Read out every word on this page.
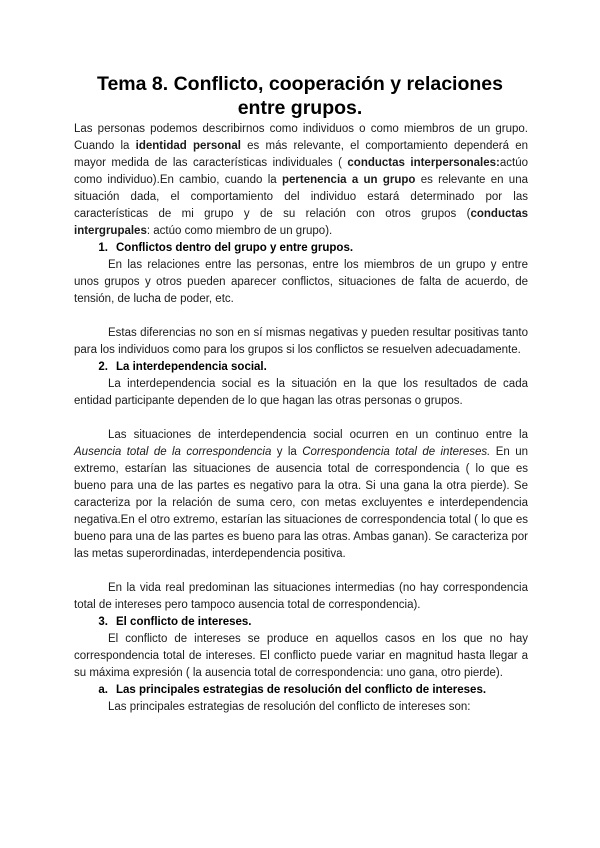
Tema 8. Conflicto, cooperación y relaciones entre grupos.

Las personas podemos describirnos como individuos o como miembros de un grupo. Cuando la identidad personal es más relevante, el comportamiento dependerá en mayor medida de las características individuales ( conductas interpersonales:actúo como individuo).En cambio, cuando la pertenencia a un grupo es relevante en una situación dada, el comportamiento del individuo estará determinado por las características de mi grupo y de su relación con otros grupos (conductas intergrupales: actúo como miembro de un grupo).

1. Conflictos dentro del grupo y entre grupos.

En las relaciones entre las personas, entre los miembros de un grupo y entre unos grupos y otros pueden aparecer conflictos, situaciones de falta de acuerdo, de tensión, de lucha de poder, etc.

Estas diferencias no son en sí mismas negativas y pueden resultar positivas tanto para los individuos como para los grupos si los conflictos se resuelven adecuadamente.

2. La interdependencia social.

La interdependencia social es la situación en la que los resultados de cada entidad participante dependen de lo que hagan las otras personas o grupos.

Las situaciones de interdependencia social ocurren en un continuo entre la Ausencia total de la correspondencia y la Correspondencia total de intereses. En un extremo, estarían las situaciones de ausencia total de correspondencia ( lo que es bueno para una de las partes es negativo para la otra. Si una gana la otra pierde). Se caracteriza por la relación de suma cero, con metas excluyentes e interdependencia negativa.En el otro extremo, estarían las situaciones de correspondencia total ( lo que es bueno para una de las partes es bueno para las otras. Ambas ganan). Se caracteriza por las metas superordinadas, interdependencia positiva.

En la vida real predominan las situaciones intermedias (no hay correspondencia total de intereses pero tampoco ausencia total de correspondencia).

3. El conflicto de intereses.

El conflicto de intereses se produce en aquellos casos en los que no hay correspondencia total de intereses. El conflicto puede variar en magnitud hasta llegar a su máxima expresión ( la ausencia total de correspondencia: uno gana, otro pierde).

a. Las principales estrategias de resolución del conflicto de intereses.

Las principales estrategias de resolución del conflicto de intereses son:
